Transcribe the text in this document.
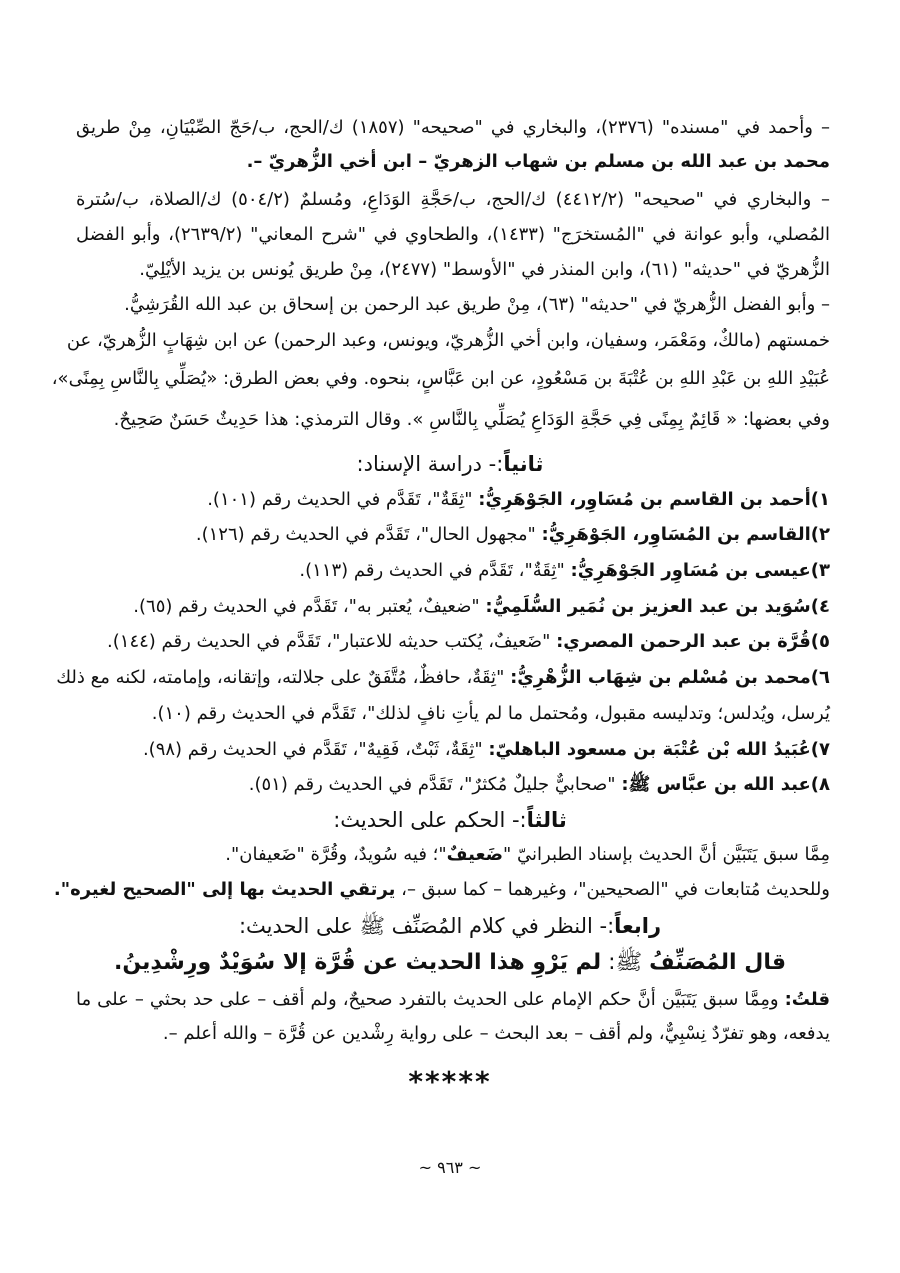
– وأحمد في "مسنده" (٢٣٧٦)، والبخاري في "صحيحه" (١٨٥٧) ك/الحج، ب/حَجّ الصِّبْيَانِ، مِنْ طريق
محمد بن عبد الله بن مسلم بن شهاب الزهريّ – ابن أخي الزُّهريّ –.
– والبخاري في "صحيحه" (٤٤١٢/٢) ك/الحج، ب/حَجَّةِ الوَدَاعِ، ومُسلمٌ (٥٠٤/٢) ك/الصلاة، ب/سُترة
المُصلي، وأبو عوانة في "المُستخرَج" (١٤٣٣)، والطحاوي في "شرح المعاني" (٢٦٣٩/٢)، وأبو الفضل
الزُّهريّ في "حديثه" (٦١)، وابن المنذر في "الأوسط" (٢٤٧٧)، مِنْ طريق يُونس بن يزيد الأيْلِيّ.
– وأبو الفضل الزُّهريّ في "حديثه" (٦٣)، مِنْ طريق عبد الرحمن بن إسحاق بن عبد الله القُرَشِيُّ.
خمستهم (مالكٌ، ومَعْمَر، وسفيان، وابن أخي الزُّهريّ، ويونس، وعبد الرحمن) عن ابن شِهَابٍ الزُّهريّ، عن
عُبَيْدِ اللهِ بن عَبْدِ اللهِ بن عُتْبَةَ بن مَسْعُودٍ، عن ابن عَبَّاسٍ، بنحوه. وفي بعض الطرق: «يُصَلِّي بِالنَّاسِ بِمِنًى»،
وفي بعضها: « قَائِمٌ بِمِنًى فِي حَجَّةِ الوَدَاعِ يُصَلِّي بِالنَّاسِ ». وقال الترمذي: هذا حَدِيثٌ حَسَنٌ صَحِيحٌ.
ثانياً:- دراسة الإسناد:
١)أحمد بن القاسم بن مُسَاوِر، الجَوْهَرِيُّ: "ثِقَةٌ"، تَقَدَّم في الحديث رقم (١٠١).
٢)القاسم بن المُسَاوِر، الجَوْهَرِيُّ: "مجهول الحال"، تَقَدَّم في الحديث رقم (١٢٦).
٣)عيسى بن مُسَاوِر الجَوْهَرِيُّ: "ثِقَةٌ"، تَقَدَّم في الحديث رقم (١١٣).
٤)سُوَيد بن عبد العزيز بن نُمَير السُّلَمِيُّ: "ضعيفٌ، يُعتبر به"، تَقَدَّم في الحديث رقم (٦٥).
٥)قُرَّة بن عبد الرحمن المصري: "ضَعيفٌ، يُكتب حديثه للاعتبار"، تَقَدَّم في الحديث رقم (١٤٤).
٦)محمد بن مُسْلم بن شِهَاب الزُّهْرِيُّ: "ثِقَةٌ، حافظٌ، مُتَّفَقٌ على جلالته، وإتقانه، وإمامته، لكنه مع ذلك
يُرسل، ويُدلس؛ وتدليسه مقبول، ومُحتمل ما لم يأتِ نافٍ لذلك"، تَقَدَّم في الحديث رقم (١٠).
٧)عُبَيدُ الله بْن عُتْبَة بن مسعود الباهليّ: "ثِقَةٌ، ثَبْتٌ، فَقِيهٌ"، تَقَدَّم في الحديث رقم (٩٨).
٨)عبد الله بن عبَّاس ﷺ: "صحابيٌّ جليلٌ مُكثرٌ"، تَقَدَّم في الحديث رقم (٥١).
ثالثاً:- الحكم على الحديث:
مِمَّا سبق يَتَبَيَّن أنَّ الحديث بإسناد الطبرانيّ "ضَعيفٌ"؛ فيه سُويدٌ، وقُرَّة "ضَعيفان".
وللحديث مُتابعات في "الصحيحين"، وغيرهما – كما سبق –، يرتقي الحديث بها إلى "الصحيح لغيره".
رابعاً:- النظر في كلام المُصَنِّف ﷺ على الحديث:
قال المُصَنِّفُ ﷺ: لم يَرْوِ هذا الحديث عن قُرَّة إلا سُوَيْدٌ ورِشْدِينُ.
قلتُ: ومِمَّا سبق يَتَبَيَّن أنَّ حكم الإمام على الحديث بالتفرد صحيحٌ، ولم أقف – على حد بحثي – على ما
يدفعه، وهو تفرّدٌ نِسْبِيٌّ، ولم أقف – بعد البحث – على رواية رِشْدين عن قُرَّة – والله أعلم –.
*****
~ ٩٦٣ ~
